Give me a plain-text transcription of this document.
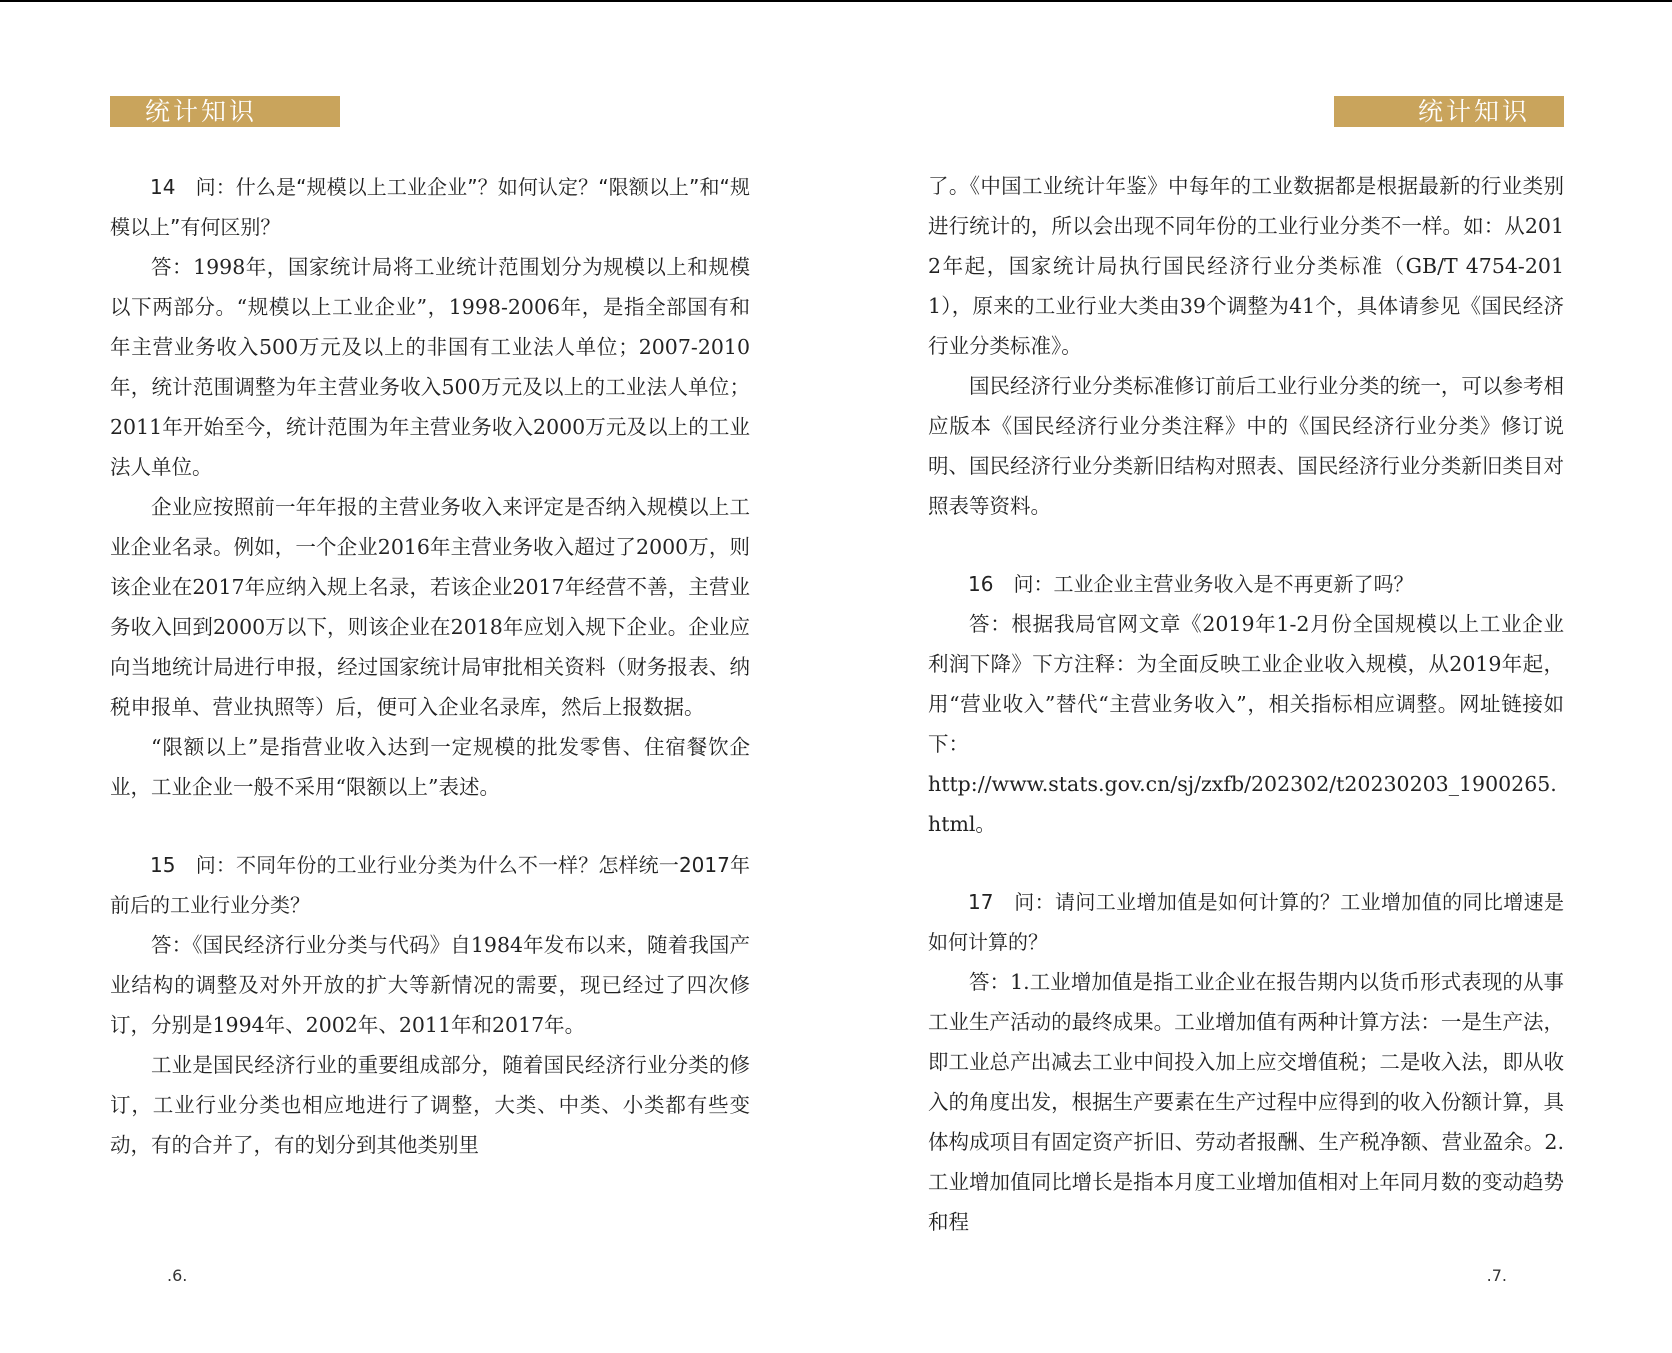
统计知识

14　问：什么是“规模以上工业企业”？如何认定？“限额以上”和“规模以上”有何区别？

答：1998年，国家统计局将工业统计范围划分为规模以上和规模以下两部分。“规模以上工业企业”，1998-2006年，是指全部国有和年主营业务收入500万元及以上的非国有工业法人单位；2007-2010年，统计范围调整为年主营业务收入500万元及以上的工业法人单位；2011年开始至今，统计范围为年主营业务收入2000万元及以上的工业法人单位。

企业应按照前一年年报的主营业务收入来评定是否纳入规模以上工业企业名录。例如，一个企业2016年主营业务收入超过了2000万，则该企业在2017年应纳入规上名录，若该企业2017年经营不善，主营业务收入回到2000万以下，则该企业在2018年应划入规下企业。企业应向当地统计局进行申报，经过国家统计局审批相关资料（财务报表、纳税申报单、营业执照等）后，便可入企业名录库，然后上报数据。

“限额以上”是指营业收入达到一定规模的批发零售、住宿餐饮企业，工业企业一般不采用“限额以上”表述。

15　问：不同年份的工业行业分类为什么不一样？怎样统一2017年前后的工业行业分类？

答：《国民经济行业分类与代码》自1984年发布以来，随着我国产业结构的调整及对外开放的扩大等新情况的需要，现已经过了四次修订，分别是1994年、2002年、2011年和2017年。

工业是国民经济行业的重要组成部分，随着国民经济行业分类的修订，工业行业分类也相应地进行了调整，大类、中类、小类都有些变动，有的合并了，有的划分到其他类别里

.6.
统计知识

了。《中国工业统计年鉴》中每年的工业数据都是根据最新的行业类别进行统计的，所以会出现不同年份的工业行业分类不一样。如：从2012年起，国家统计局执行国民经济行业分类标准（GB/T 4754-2011），原来的工业行业大类由39个调整为41个，具体请参见《国民经济行业分类标准》。

国民经济行业分类标准修订前后工业行业分类的统一，可以参考相应版本《国民经济行业分类注释》中的《国民经济行业分类》修订说明、国民经济行业分类新旧结构对照表、国民经济行业分类新旧类目对照表等资料。

16　问：工业企业主营业务收入是不再更新了吗？

答：根据我局官网文章《2019年1-2月份全国规模以上工业企业利润下降》下方注释：为全面反映工业企业收入规模，从2019年起，用“营业收入”替代“主营业务收入”，相关指标相应调整。网址链接如下：

http://www.stats.gov.cn/sj/zxfb/202302/t20230203_1900265.html。

17　问：请问工业增加值是如何计算的？工业增加值的同比增速是如何计算的？

答：1.工业增加值是指工业企业在报告期内以货币形式表现的从事工业生产活动的最终成果。工业增加值有两种计算方法：一是生产法，即工业总产出减去工业中间投入加上应交增值税；二是收入法，即从收入的角度出发，根据生产要素在生产过程中应得到的收入份额计算，具体构成项目有固定资产折旧、劳动者报酬、生产税净额、营业盈余。2.工业增加值同比增长是指本月度工业增加值相对上年同月数的变动趋势和程

.7.
